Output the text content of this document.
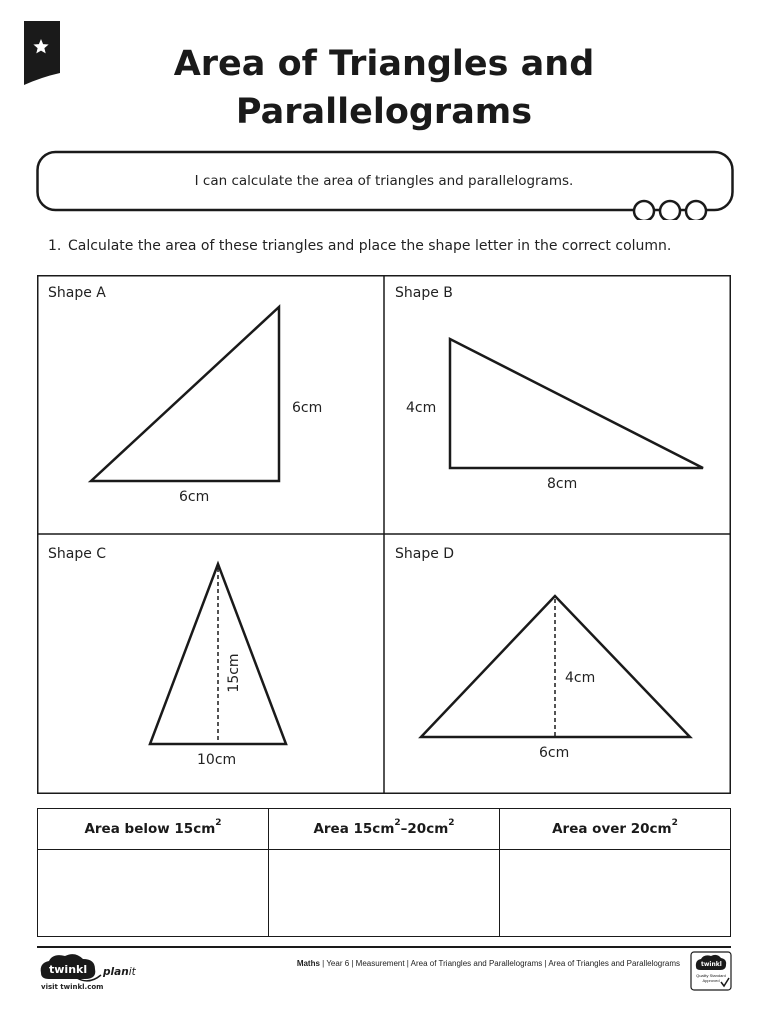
Area of Triangles and
Parallelograms
I can calculate the area of triangles and parallelograms.
1. Calculate the area of these triangles and place the shape letter in the correct column.
Shape A	Shape B
Shape C	Shape D
6cm
6cm
8cm
4cm
10cm
15cm
6cm
4cm
Area below $15cm^2$	Area $15cm^2-20cm^2$	Area over $20cm^2$

twinkl planit
visit twinkl.com
Maths | Year 6 | Measurement | Area of Triangles and Parallelograms | Area of Triangles and Parallelograms	twinkl
Quality Standard
Approved
